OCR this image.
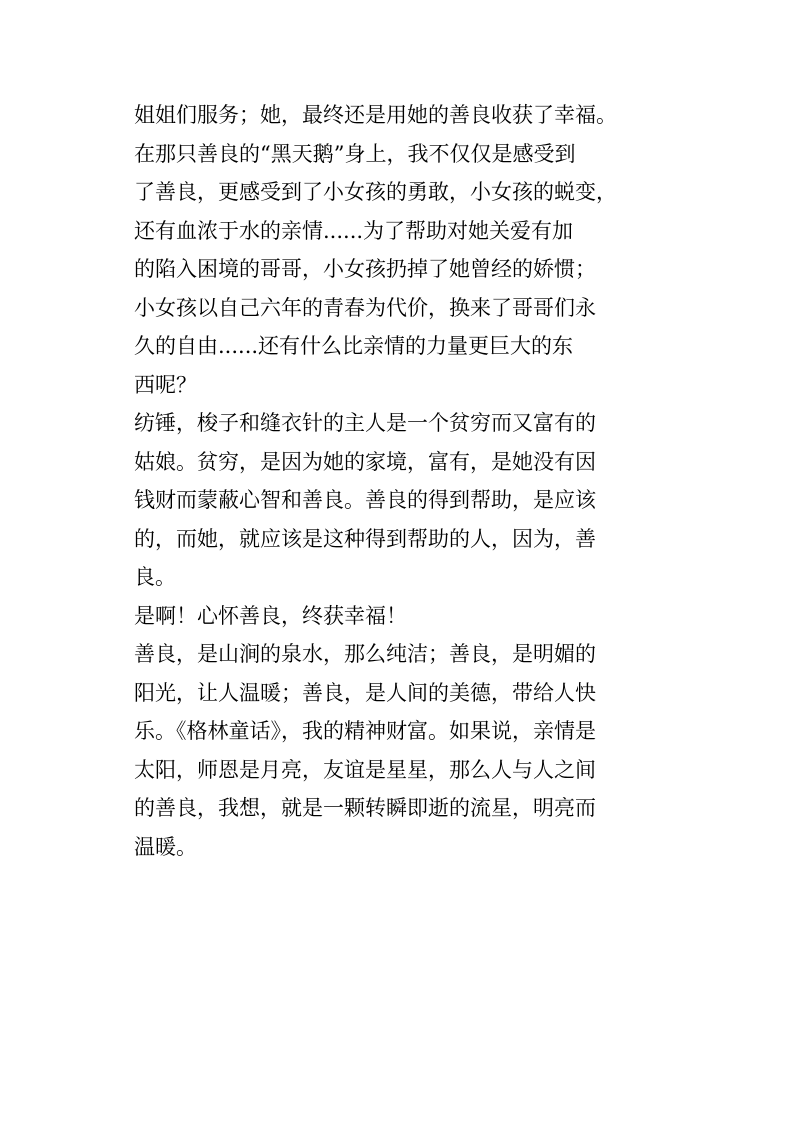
姐姐们服务；她，最终还是用她的善良收获了幸福。
在那只善良的“黑天鹅”身上，我不仅仅是感受到
了善良，更感受到了小女孩的勇敢，小女孩的蜕变，
还有血浓于水的亲情......为了帮助对她关爱有加
的陷入困境的哥哥，小女孩扔掉了她曾经的娇惯；
小女孩以自己六年的青春为代价，换来了哥哥们永
久的自由......还有什么比亲情的力量更巨大的东
西呢？
纺锤，梭子和缝衣针的主人是一个贫穷而又富有的
姑娘。贫穷，是因为她的家境，富有，是她没有因
钱财而蒙蔽心智和善良。善良的得到帮助，是应该
的，而她，就应该是这种得到帮助的人，因为，善
良。
是啊！心怀善良，终获幸福！
善良，是山涧的泉水，那么纯洁；善良，是明媚的
阳光，让人温暖；善良，是人间的美德，带给人快
乐。《格林童话》，我的精神财富。如果说，亲情是
太阳，师恩是月亮，友谊是星星，那么人与人之间
的善良，我想，就是一颗转瞬即逝的流星，明亮而
温暖。
